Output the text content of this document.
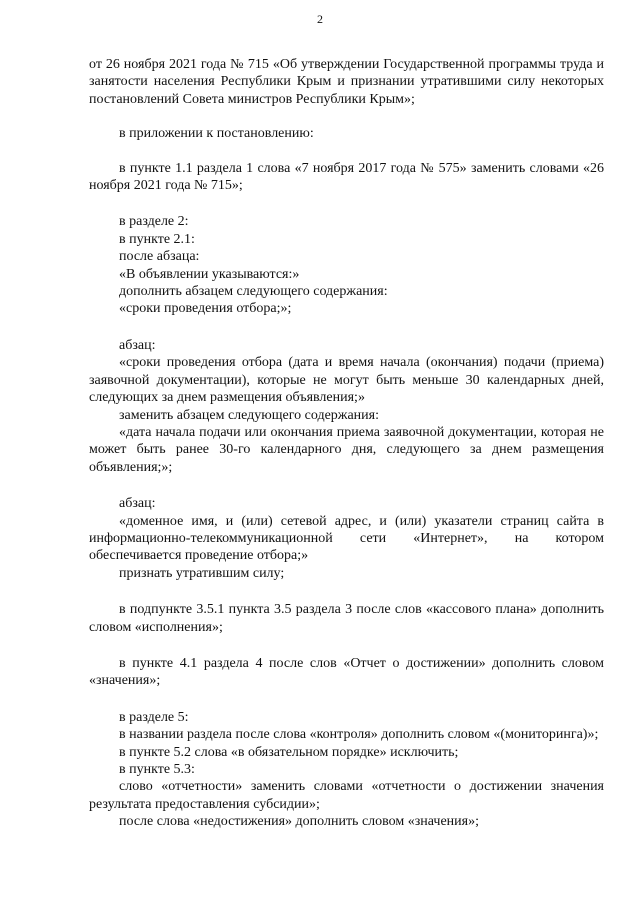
2

от 26 ноября 2021 года № 715 «Об утверждении Государственной программы труда и занятости населения Республики Крым и признании утратившими силу некоторых постановлений Совета министров Республики Крым»;

в приложении к постановлению:

в пункте 1.1 раздела 1 слова «7 ноября 2017 года № 575» заменить словами «26 ноября 2021 года № 715»;

в разделе 2:

в пункте 2.1:

после абзаца:

«В объявлении указываются:»

дополнить абзацем следующего содержания:

«сроки проведения отбора;»;

абзац:

«сроки проведения отбора (дата и время начала (окончания) подачи (приема) заявочной документации), которые не могут быть меньше 30 календарных дней, следующих за днем размещения объявления;»

заменить абзацем следующего содержания:

«дата начала подачи или окончания приема заявочной документации, которая не может быть ранее 30-го календарного дня, следующего за днем размещения объявления;»;

абзац:

«доменное имя, и (или) сетевой адрес, и (или) указатели страниц сайта в информационно-телекоммуникационной сети «Интернет», на котором обеспечивается проведение отбора;»

признать утратившим силу;

в подпункте 3.5.1 пункта 3.5 раздела 3 после слов «кассового плана» дополнить словом «исполнения»;

в пункте 4.1 раздела 4 после слов «Отчет о достижении» дополнить словом «значения»;

в разделе 5:

в названии раздела после слова «контроля» дополнить словом «(мониторинга)»;

в пункте 5.2 слова «в обязательном порядке» исключить;

в пункте 5.3:

слово «отчетности» заменить словами «отчетности о достижении значения результата предоставления субсидии»;

после слова «недостижения» дополнить словом «значения»;
